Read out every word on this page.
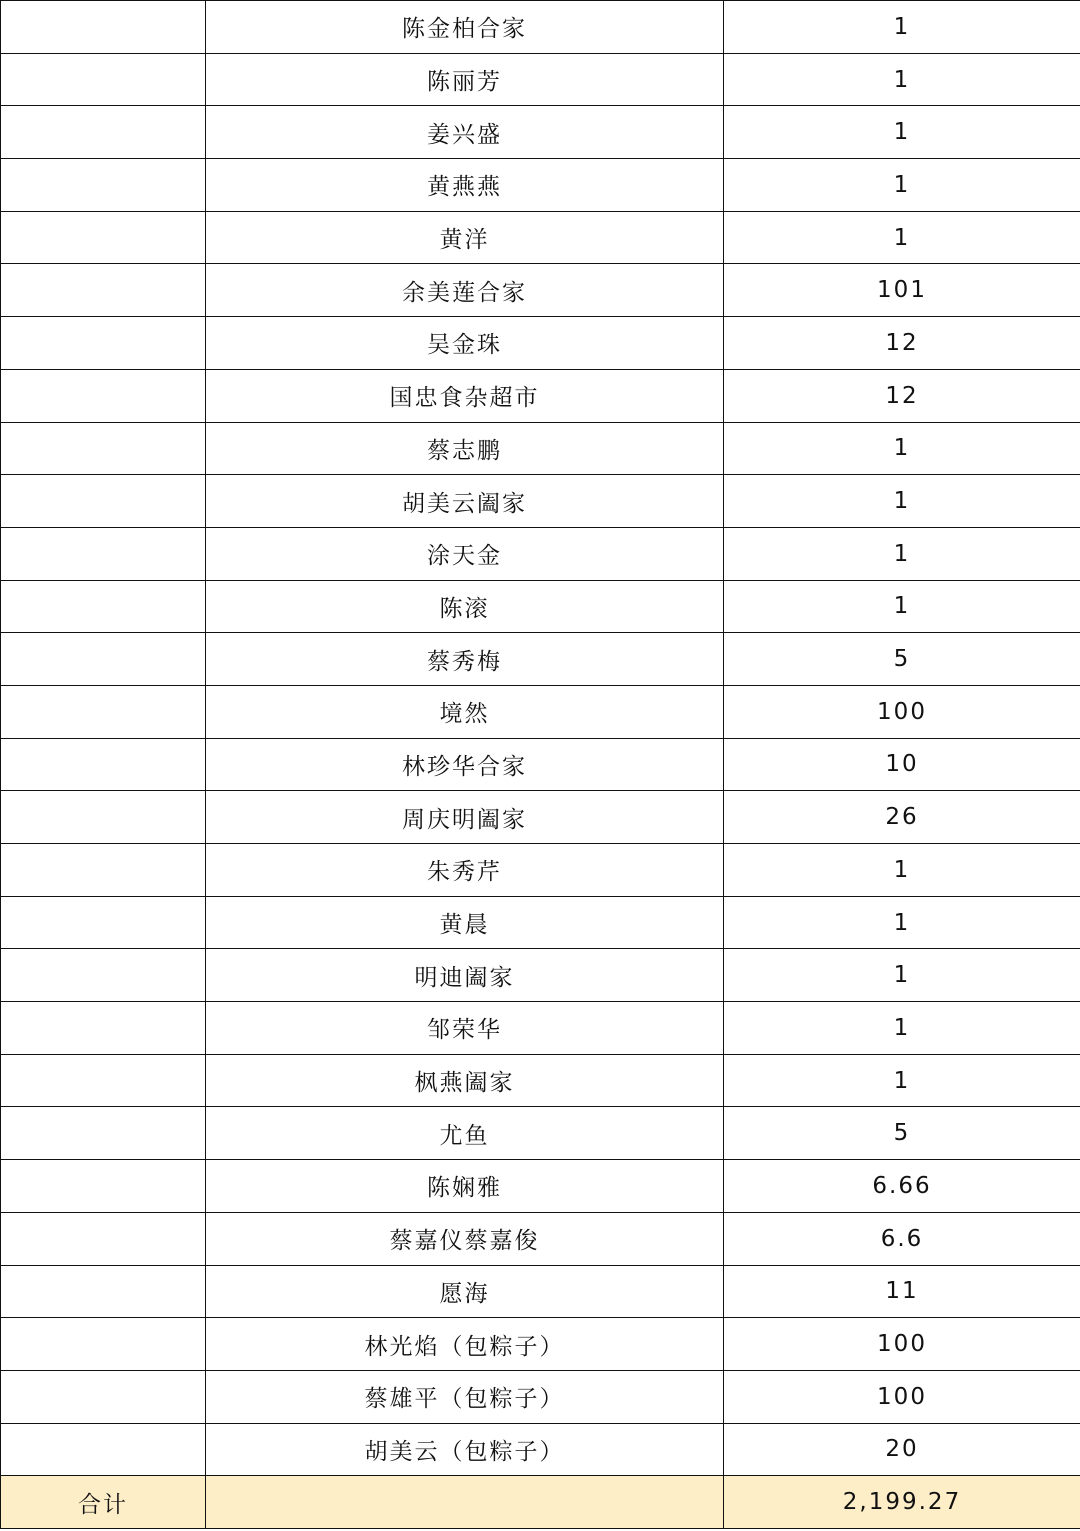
	陈金柏合家	1
	陈丽芳	1
	姜兴盛	1
	黄燕燕	1
	黄洋	1
	余美莲合家	101
	吴金珠	12
	国忠食杂超市	12
	蔡志鹏	1
	胡美云阖家	1
	涂天金	1
	陈滚	1
	蔡秀梅	5
	境然	100
	林珍华合家	10
	周庆明阖家	26
	朱秀芹	1
	黄晨	1
	明迪阖家	1
	邹荣华	1
	枫燕阖家	1
	尤鱼	5
	陈娴雅	6.66
	蔡嘉仪蔡嘉俊	6.6
	愿海	11
	林光焰（包粽子）	100
	蔡雄平（包粽子）	100
	胡美云（包粽子）	20
合计		2,199.27
